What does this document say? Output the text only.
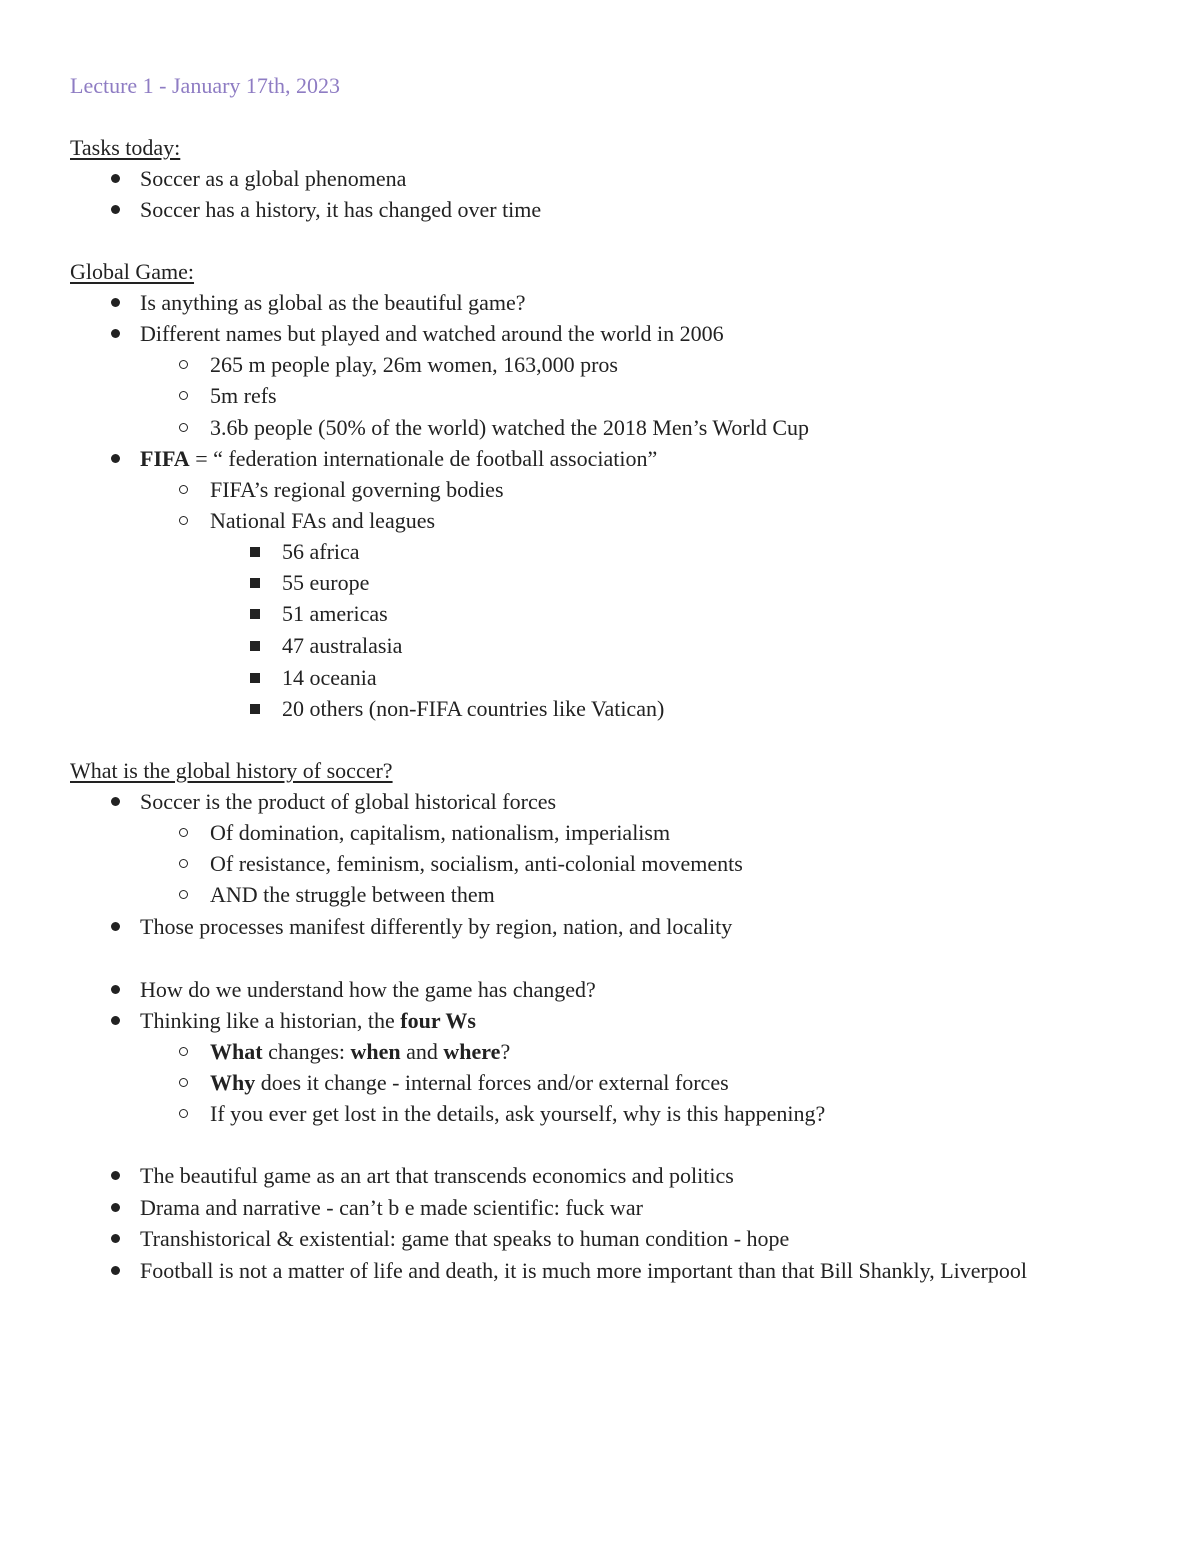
Lecture 1 - January 17th, 2023
Tasks today:
Soccer as a global phenomena
Soccer has a history, it has changed over time
Global Game:
Is anything as global as the beautiful game?
Different names but played and watched around the world in 2006
265 m people play, 26m women, 163,000 pros
5m refs
3.6b people (50% of the world) watched the 2018 Men’s World Cup
FIFA = “ federation internationale de football association”
FIFA’s regional governing bodies
National FAs and leagues
56 africa
55 europe
51 americas
47 australasia
14 oceania
20 others (non-FIFA countries like Vatican)
What is the global history of soccer?
Soccer is the product of global historical forces
Of domination, capitalism, nationalism, imperialism
Of resistance, feminism, socialism, anti-colonial movements
AND the struggle between them
Those processes manifest differently by region, nation, and locality
How do we understand how the game has changed?
Thinking like a historian, the four Ws
What changes: when and where?
Why does it change - internal forces and/or external forces
If you ever get lost in the details, ask yourself, why is this happening?
The beautiful game as an art that transcends economics and politics
Drama and narrative - can’t b e made scientific: fuck war
Transhistorical & existential: game that speaks to human condition - hope
Football is not a matter of life and death, it is much more important than that Bill Shankly, Liverpool
